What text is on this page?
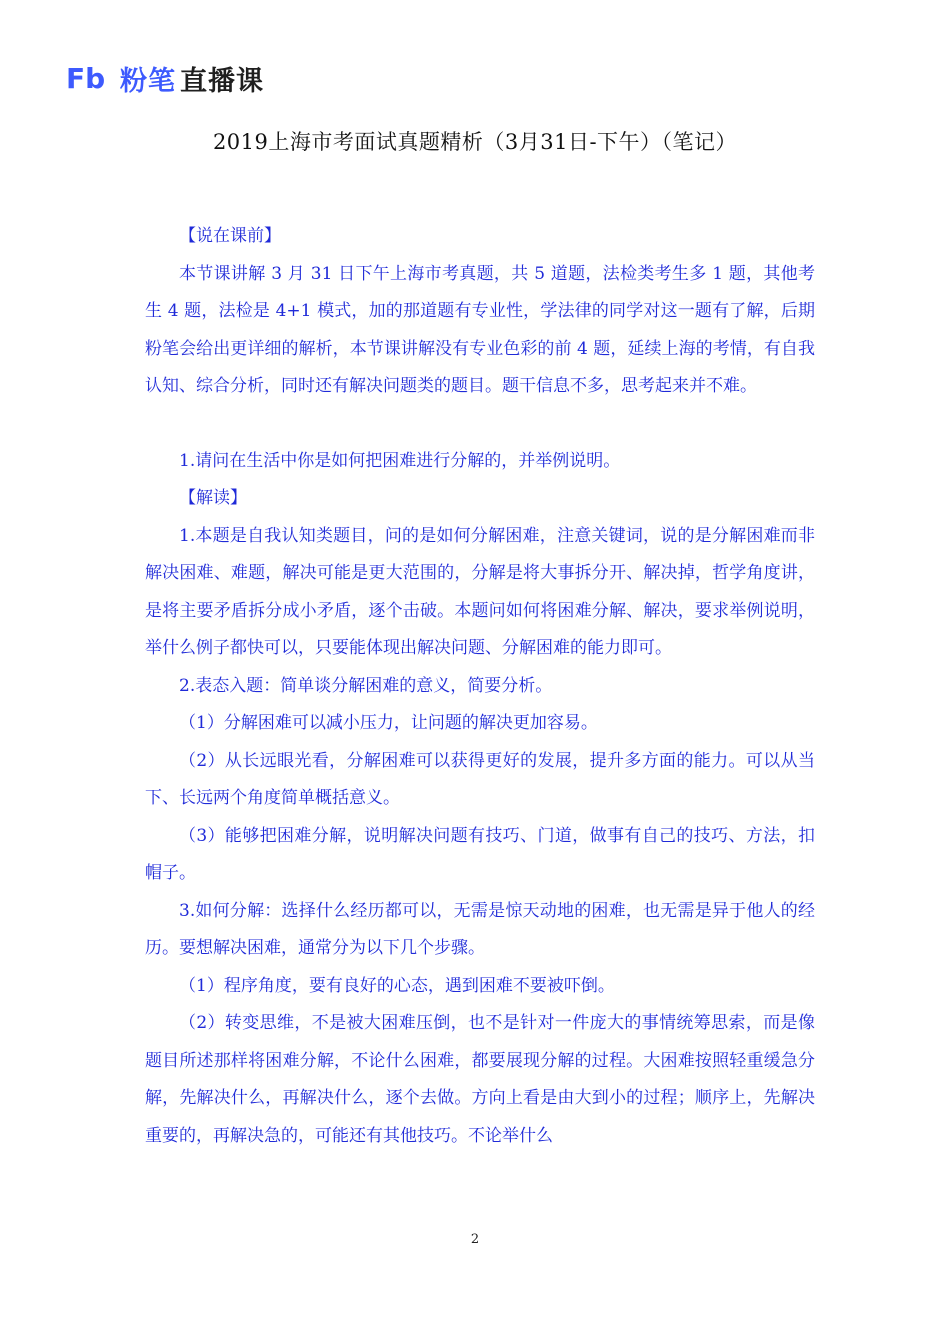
Fb 粉笔 直播课
2019上海市考面试真题精析（3月31日-下午）（笔记）

【说在课前】

本节课讲解 3 月 31 日下午上海市考真题，共 5 道题，法检类考生多 1 题，其他考生 4 题，法检是 4+1 模式，加的那道题有专业性，学法律的同学对这一题有了解，后期粉笔会给出更详细的解析，本节课讲解没有专业色彩的前 4 题，延续上海的考情，有自我认知、综合分析，同时还有解决问题类的题目。题干信息不多，思考起来并不难。

1.请问在生活中你是如何把困难进行分解的，并举例说明。

【解读】

1.本题是自我认知类题目，问的是如何分解困难，注意关键词，说的是分解困难而非解决困难、难题，解决可能是更大范围的，分解是将大事拆分开、解决掉，哲学角度讲，是将主要矛盾拆分成小矛盾，逐个击破。本题问如何将困难分解、解决，要求举例说明，举什么例子都快可以，只要能体现出解决问题、分解困难的能力即可。

2.表态入题：简单谈分解困难的意义，简要分析。

（1）分解困难可以减小压力，让问题的解决更加容易。

（2）从长远眼光看，分解困难可以获得更好的发展，提升多方面的能力。可以从当下、长远两个角度简单概括意义。

（3）能够把困难分解，说明解决问题有技巧、门道，做事有自己的技巧、方法，扣帽子。

3.如何分解：选择什么经历都可以，无需是惊天动地的困难，也无需是异于他人的经历。要想解决困难，通常分为以下几个步骤。

（1）程序角度，要有良好的心态，遇到困难不要被吓倒。

（2）转变思维，不是被大困难压倒，也不是针对一件庞大的事情统筹思索，而是像题目所述那样将困难分解，不论什么困难，都要展现分解的过程。大困难按照轻重缓急分解，先解决什么，再解决什么，逐个去做。方向上看是由大到小的过程；顺序上，先解决重要的，再解决急的，可能还有其他技巧。不论举什么

2
